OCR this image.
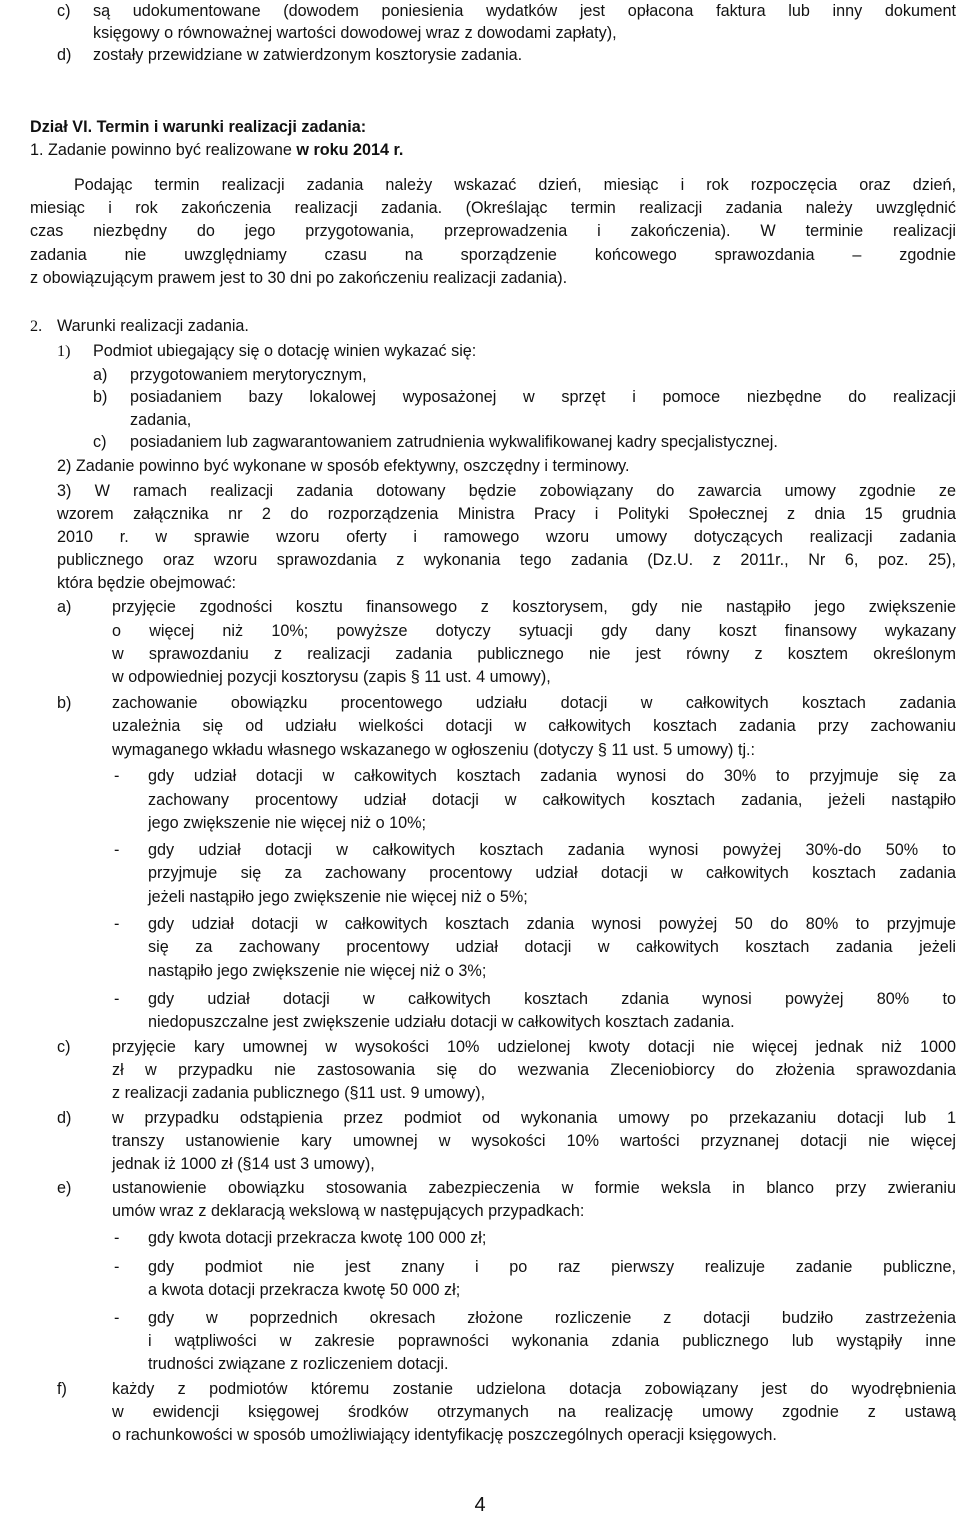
c) są udokumentowane (dowodem poniesienia wydatków jest opłacona faktura lub inny dokument
księgowy o równoważnej wartości dowodowej wraz z dowodami zapłaty),
d) zostały przewidziane w zatwierdzonym kosztorysie zadania.
Dział VI. Termin i warunki realizacji zadania:
1. Zadanie powinno być realizowane w roku 2014 r.
Podając termin realizacji zadania należy wskazać dzień, miesiąc i rok rozpoczęcia oraz dzień,
miesiąc i rok zakończenia realizacji zadania. (Określając termin realizacji zadania należy uwzględnić
czas niezbędny do jego przygotowania, przeprowadzenia i zakończenia). W terminie realizacji
zadania nie uwzględniamy czasu na sporządzenie końcowego sprawozdania – zgodnie
z obowiązującym prawem jest to 30 dni po zakończeniu realizacji zadania).
2. Warunki realizacji zadania.
1) Podmiot ubiegający się o dotację winien wykazać się:
a) przygotowaniem merytorycznym,
b) posiadaniem bazy lokalowej wyposażonej w sprzęt i pomoce niezbędne do realizacji
zadania,
c) posiadaniem lub zagwarantowaniem zatrudnienia wykwalifikowanej kadry specjalistycznej.
2) Zadanie powinno być wykonane w sposób efektywny, oszczędny i terminowy.
3) W ramach realizacji zadania dotowany będzie zobowiązany do zawarcia umowy zgodnie ze
wzorem załącznika nr 2 do rozporządzenia Ministra Pracy i Polityki Społecznej z dnia 15 grudnia
2010 r. w sprawie wzoru oferty i ramowego wzoru umowy dotyczących realizacji zadania
publicznego oraz wzoru sprawozdania z wykonania tego zadania (Dz.U. z 2011r., Nr 6, poz. 25),
która będzie obejmować:
a)	przyjęcie zgodności kosztu finansowego z kosztorysem, gdy nie nastąpiło jego zwiększenie
o więcej niż 10%; powyższe dotyczy sytuacji gdy dany koszt finansowy wykazany
w sprawozdaniu z realizacji zadania publicznego nie jest równy z kosztem określonym
w odpowiedniej pozycji kosztorysu (zapis § 11 ust. 4 umowy),
b)	zachowanie obowiązku procentowego udziału dotacji w całkowitych kosztach zadania
uzależnia się od udziału wielkości dotacji w całkowitych kosztach zadania przy zachowaniu
wymaganego wkładu własnego wskazanego w ogłoszeniu (dotyczy § 11 ust. 5 umowy) tj.:
- gdy udział dotacji w całkowitych kosztach zadania wynosi do 30% to przyjmuje się za
zachowany procentowy udział dotacji w całkowitych kosztach zadania, jeżeli nastąpiło
jego zwiększenie nie więcej niż o 10%;
- gdy udział dotacji w całkowitych kosztach zadania wynosi powyżej 30%-do 50% to
przyjmuje się za zachowany procentowy udział dotacji w całkowitych kosztach zadania
jeżeli nastąpiło jego zwiększenie nie więcej niż o 5%;
- gdy udział dotacji w całkowitych kosztach zdania wynosi powyżej 50 do 80% to przyjmuje
się za zachowany procentowy udział dotacji w całkowitych kosztach zadania jeżeli
nastąpiło jego zwiększenie nie więcej niż o 3%;
- gdy udział dotacji w całkowitych kosztach zdania wynosi powyżej 80% to
niedopuszczalne jest zwiększenie udziału dotacji w całkowitych kosztach zadania.
c)	przyjęcie kary umownej w wysokości 10% udzielonej kwoty dotacji nie więcej jednak niż 1000
zł w przypadku nie zastosowania się do wezwania Zleceniobiorcy do złożenia sprawozdania
z realizacji zadania publicznego (§11 ust. 9 umowy),
d)	w przypadku odstąpienia przez podmiot od wykonania umowy po przekazaniu dotacji lub 1
transzy ustanowienie kary umownej w wysokości 10% wartości przyznanej dotacji nie więcej
jednak iż 1000 zł (§14 ust 3 umowy),
e)	ustanowienie obowiązku stosowania zabezpieczenia w formie weksla in blanco przy zwieraniu
umów wraz z deklaracją wekslową w następujących przypadkach:
- gdy kwota dotacji przekracza kwotę 100 000 zł;
- gdy podmiot nie jest znany i po raz pierwszy realizuje zadanie publiczne,
a kwota dotacji przekracza kwotę 50 000 zł;
- gdy w poprzednich okresach złożone rozliczenie z dotacji budziło zastrzeżenia
i wątpliwości w zakresie poprawności wykonania zdania publicznego lub wystąpiły inne
trudności związane z rozliczeniem dotacji.
f)	każdy z podmiotów któremu zostanie udzielona dotacja zobowiązany jest do wyodrębnienia
w ewidencji księgowej środków otrzymanych na realizację umowy zgodnie z ustawą
o rachunkowości w sposób umożliwiający identyfikację poszczególnych operacji księgowych.
4
